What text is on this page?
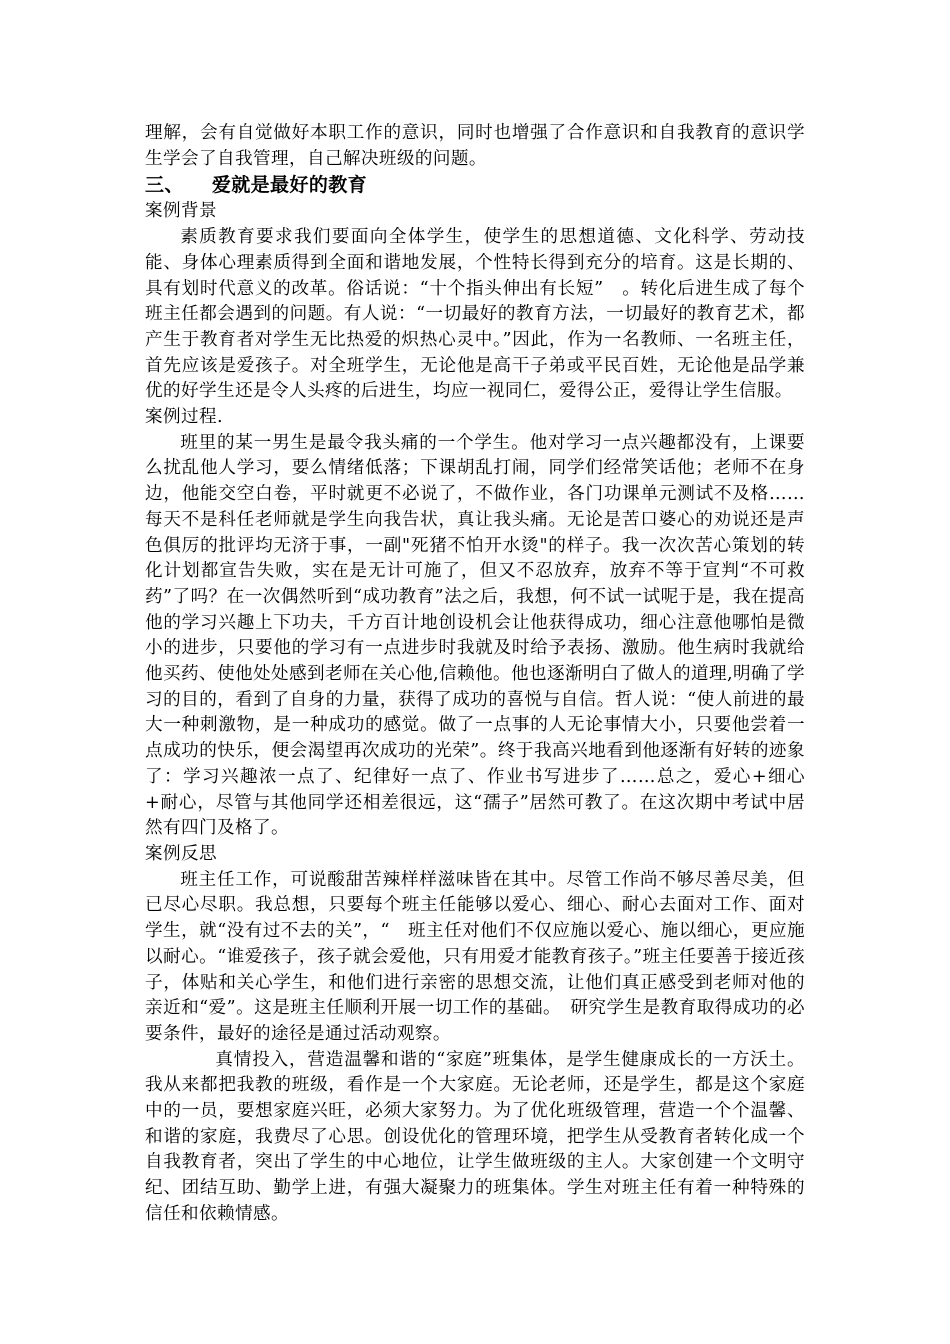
理解，会有自觉做好本职工作的意识，同时也增强了合作意识和自我教育的意识学生学会了自我管理，自己解决班级的问题。

三、    爱就是最好的教育

案例背景

素质教育要求我们要面向全体学生，使学生的思想道德、文化科学、劳动技能、身体心理素质得到全面和谐地发展，个性特长得到充分的培育。这是长期的、具有划时代意义的改革。俗话说：“十个指头伸出有长短”　。转化后进生成了每个班主任都会遇到的问题。有人说：“一切最好的教育方法，一切最好的教育艺术，都产生于教育者对学生无比热爱的炽热心灵中。”因此，作为一名教师、一名班主任，首先应该是爱孩子。对全班学生，无论他是高干子弟或平民百姓，无论他是品学兼优的好学生还是令人头疼的后进生，均应一视同仁，爱得公正，爱得让学生信服。

案例过程.

班里的某一男生是最令我头痛的一个学生。他对学习一点兴趣都没有，上课要么扰乱他人学习，要么情绪低落；下课胡乱打闹，同学们经常笑话他；老师不在身边，他能交空白卷，平时就更不必说了，不做作业，各门功课单元测试不及格……每天不是科任老师就是学生向我告状，真让我头痛。无论是苦口婆心的劝说还是声色俱厉的批评均无济于事，一副"死猪不怕开水烫"的样子。我一次次苦心策划的转化计划都宣告失败，实在是无计可施了，但又不忍放弃，放弃不等于宣判“不可救药”了吗？在一次偶然听到“成功教育”法之后，我想，何不试一试呢于是，我在提高他的学习兴趣上下功夫，千方百计地创设机会让他获得成功，细心注意他哪怕是微小的进步，只要他的学习有一点进步时我就及时给予表扬、激励。他生病时我就给他买药、使他处处感到老师在关心他,信赖他。他也逐渐明白了做人的道理,明确了学习的目的，看到了自身的力量，获得了成功的喜悦与自信。哲人说：“使人前进的最大一种刺激物，是一种成功的感觉。做了一点事的人无论事情大小，只要他尝着一点成功的快乐，便会渴望再次成功的光荣”。终于我高兴地看到他逐渐有好转的迹象了：学习兴趣浓一点了、纪律好一点了、作业书写进步了……总之，爱心+细心+耐心，尽管与其他同学还相差很远，这“孺子”居然可教了。在这次期中考试中居然有四门及格了。

案例反思

班主任工作，可说酸甜苦辣样样滋味皆在其中。尽管工作尚不够尽善尽美，但已尽心尽职。我总想，只要每个班主任能够以爱心、细心、耐心去面对工作、面对学生，就“没有过不去的关”，“　班主任对他们不仅应施以爱心、施以细心，更应施以耐心。“谁爱孩子，孩子就会爱他，只有用爱才能教育孩子。”班主任要善于接近孩子，体贴和关心学生，和他们进行亲密的思想交流，让他们真正感受到老师对他的亲近和“爱”。这是班主任顺利开展一切工作的基础。　研究学生是教育取得成功的必要条件，最好的途径是通过活动观察。

真情投入，营造温馨和谐的“家庭”班集体，是学生健康成长的一方沃土。我从来都把我教的班级，看作是一个大家庭。无论老师，还是学生，都是这个家庭中的一员，要想家庭兴旺，必须大家努力。为了优化班级管理，营造一个个温馨、和谐的家庭，我费尽了心思。创设优化的管理环境，把学生从受教育者转化成一个自我教育者，突出了学生的中心地位，让学生做班级的主人。大家创建一个文明守纪、团结互助、勤学上进，有强大凝聚力的班集体。学生对班主任有着一种特殊的信任和依赖情感。
